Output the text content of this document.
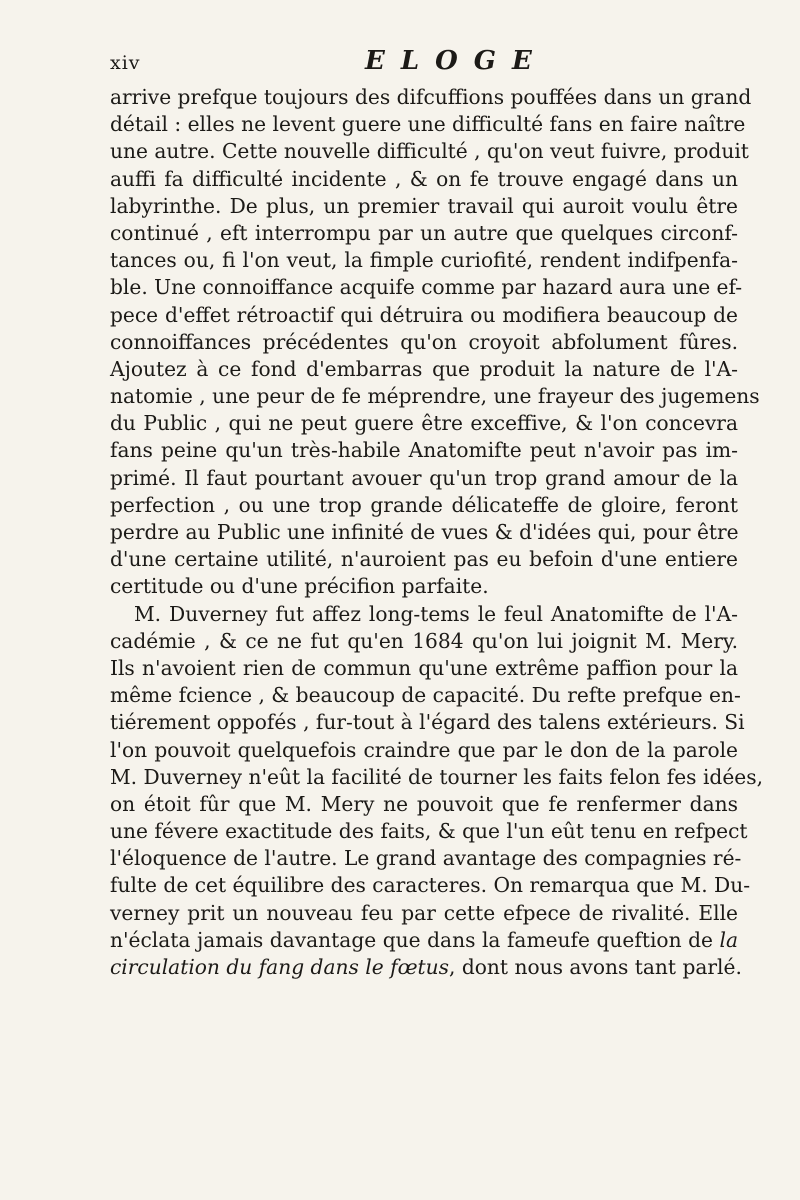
xiv	ELOGE
arrive prefque toujours des difcuffions pouffées dans un grand
détail : elles ne levent guere une difficulté fans en faire naître
une autre. Cette nouvelle difficulté , qu'on veut fuivre, produit
auffi fa difficulté incidente , & on fe trouve engagé dans un
labyrinthe. De plus, un premier travail qui auroit voulu être
continué , eft interrompu par un autre que quelques circonf-
tances ou, fi l'on veut, la fimple curiofité, rendent indifpenfa-
ble. Une connoiffance acquife comme par hazard aura une ef-
pece d'effet rétroactif qui détruira ou modifiera beaucoup de
connoiffances précédentes qu'on croyoit abfolument fûres.
Ajoutez à ce fond d'embarras que produit la nature de l'A-
natomie , une peur de fe méprendre, une frayeur des jugemens
du Public , qui ne peut guere être exceffive, & l'on concevra
fans peine qu'un très-habile Anatomifte peut n'avoir pas im-
primé. Il faut pourtant avouer qu'un trop grand amour de la
perfection , ou une trop grande délicateffe de gloire, feront
perdre au Public une infinité de vues & d'idées qui, pour être
d'une certaine utilité, n'auroient pas eu befoin d'une entiere
certitude ou d'une précifion parfaite.
M. Duverney fut affez long-tems le feul Anatomifte de l'A-
cadémie , & ce ne fut qu'en 1684 qu'on lui joignit M. Mery.
Ils n'avoient rien de commun qu'une extrême paffion pour la
même fcience , & beaucoup de capacité. Du refte prefque en-
tiérement oppofés , fur-tout à l'égard des talens extérieurs. Si
l'on pouvoit quelquefois craindre que par le don de la parole
M. Duverney n'eût la facilité de tourner les faits felon fes idées,
on étoit fûr que M. Mery ne pouvoit que fe renfermer dans
une févere exactitude des faits, & que l'un eût tenu en refpect
l'éloquence de l'autre. Le grand avantage des compagnies ré-
fulte de cet équilibre des caracteres. On remarqua que M. Du-
verney prit un nouveau feu par cette efpece de rivalité. Elle
n'éclata jamais davantage que dans la fameufe queftion de la
circulation du fang dans le fœtus, dont nous avons tant parlé.
